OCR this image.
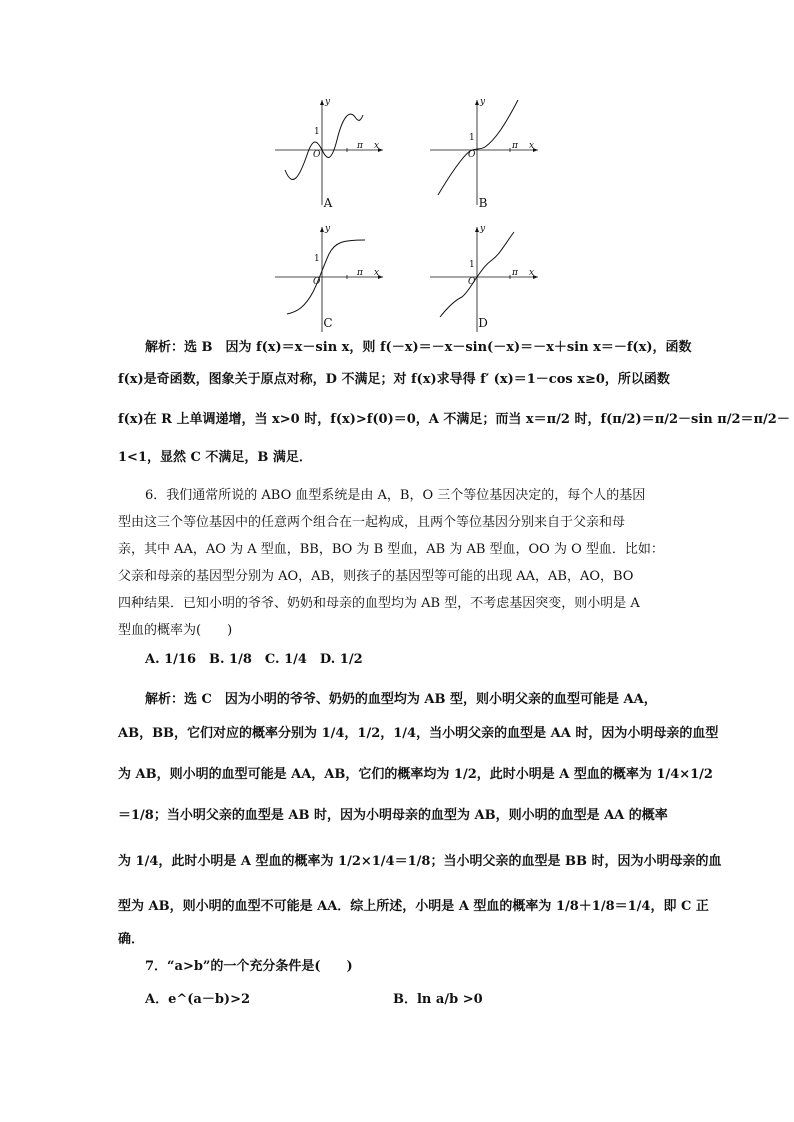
y
x
1
O
π
A
y
x
1
O
π
B
y
x
1
O
π
C
y
x
1
O
π
D
解析：选 B　因为 f(x)＝x－sin x，则 f(－x)＝－x－sin(－x)＝－x＋sin x＝－f(x)，函数
f(x)是奇函数，图象关于原点对称，D 不满足；对 f(x)求导得 f′ (x)＝1－cos x≥0，所以函数
f(x)在 R 上单调递增，当 x>0 时，f(x)>f(0)＝0，A 不满足；而当 x＝π/2 时，f(π/2)＝π/2－sin π/2＝π/2－
1<1，显然 C 不满足，B 满足．
6．我们通常所说的 ABO 血型系统是由 A，B，O 三个等位基因决定的，每个人的基因
型由这三个等位基因中的任意两个组合在一起构成，且两个等位基因分别来自于父亲和母
亲，其中 AA，AO 为 A 型血，BB，BO 为 B 型血，AB 为 AB 型血，OO 为 O 型血．比如：
父亲和母亲的基因型分别为 AO，AB，则孩子的基因型等可能的出现 AA，AB，AO，BO
四种结果．已知小明的爷爷、奶奶和母亲的血型均为 AB 型，不考虑基因突变，则小明是 A
型血的概率为(　　)
A. 1/16　B. 1/8　C. 1/4　D. 1/2
解析：选 C　因为小明的爷爷、奶奶的血型均为 AB 型，则小明父亲的血型可能是 AA，
AB，BB，它们对应的概率分别为 1/4，1/2，1/4，当小明父亲的血型是 AA 时，因为小明母亲的血型
为 AB，则小明的血型可能是 AA，AB，它们的概率均为 1/2，此时小明是 A 型血的概率为 1/4×1/2
＝1/8；当小明父亲的血型是 AB 时，因为小明母亲的血型为 AB，则小明的血型是 AA 的概率
为 1/4，此时小明是 A 型血的概率为 1/2×1/4＝1/8；当小明父亲的血型是 BB 时，因为小明母亲的血
型为 AB，则小明的血型不可能是 AA．综上所述，小明是 A 型血的概率为 1/8＋1/8＝1/4，即 C 正
确．
7．“a>b”的一个充分条件是(　　)
A．e^(a－b)>2	B．ln a/b >0
